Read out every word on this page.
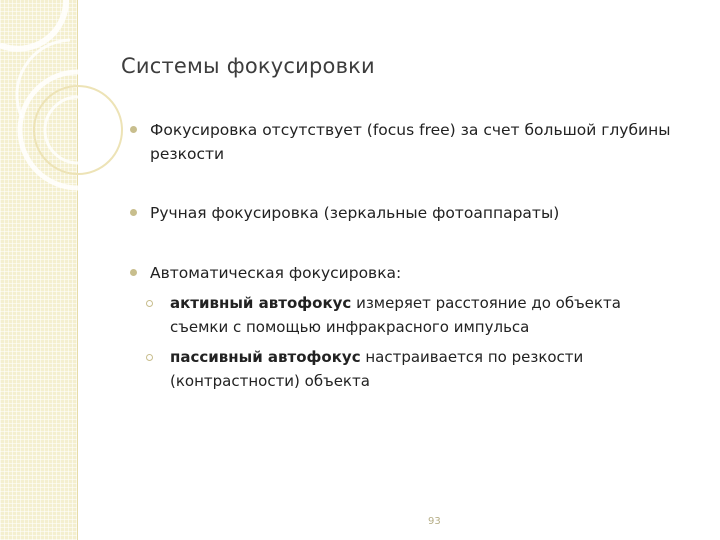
Системы фокусировки
Фокусировка отсутствует (focus free) за счет большой глубины резкости
Ручная фокусировка (зеркальные фотоаппараты)
Автоматическая фокусировка:
активный автофокус измеряет расстояние до объекта съемки с помощью инфракрасного импульса
пассивный автофокус настраивается по резкости (контрастности) объекта
93
